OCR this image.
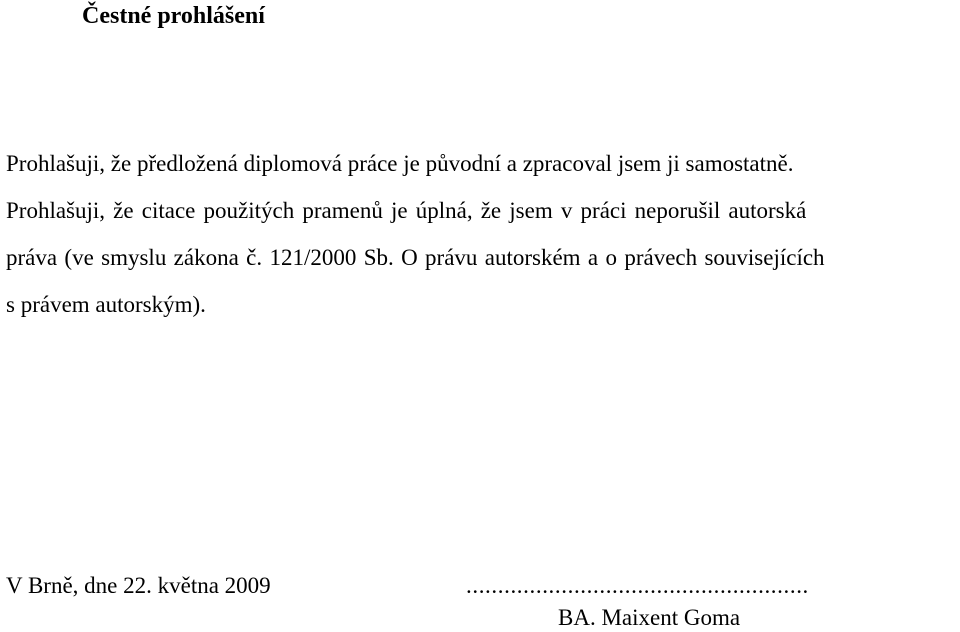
Čestné prohlášení
Prohlašuji, že předložená diplomová práce je původní a zpracoval jsem ji samostatně.
Prohlašuji, že citace použitých pramenů je úplná, že jsem v práci neporušil autorská
práva (ve smyslu zákona č. 121/2000 Sb. O právu autorském a o právech souvisejících
s právem autorským).
V Brně, dne 22. května 2009	......................................................
BA. Maixent Goma
